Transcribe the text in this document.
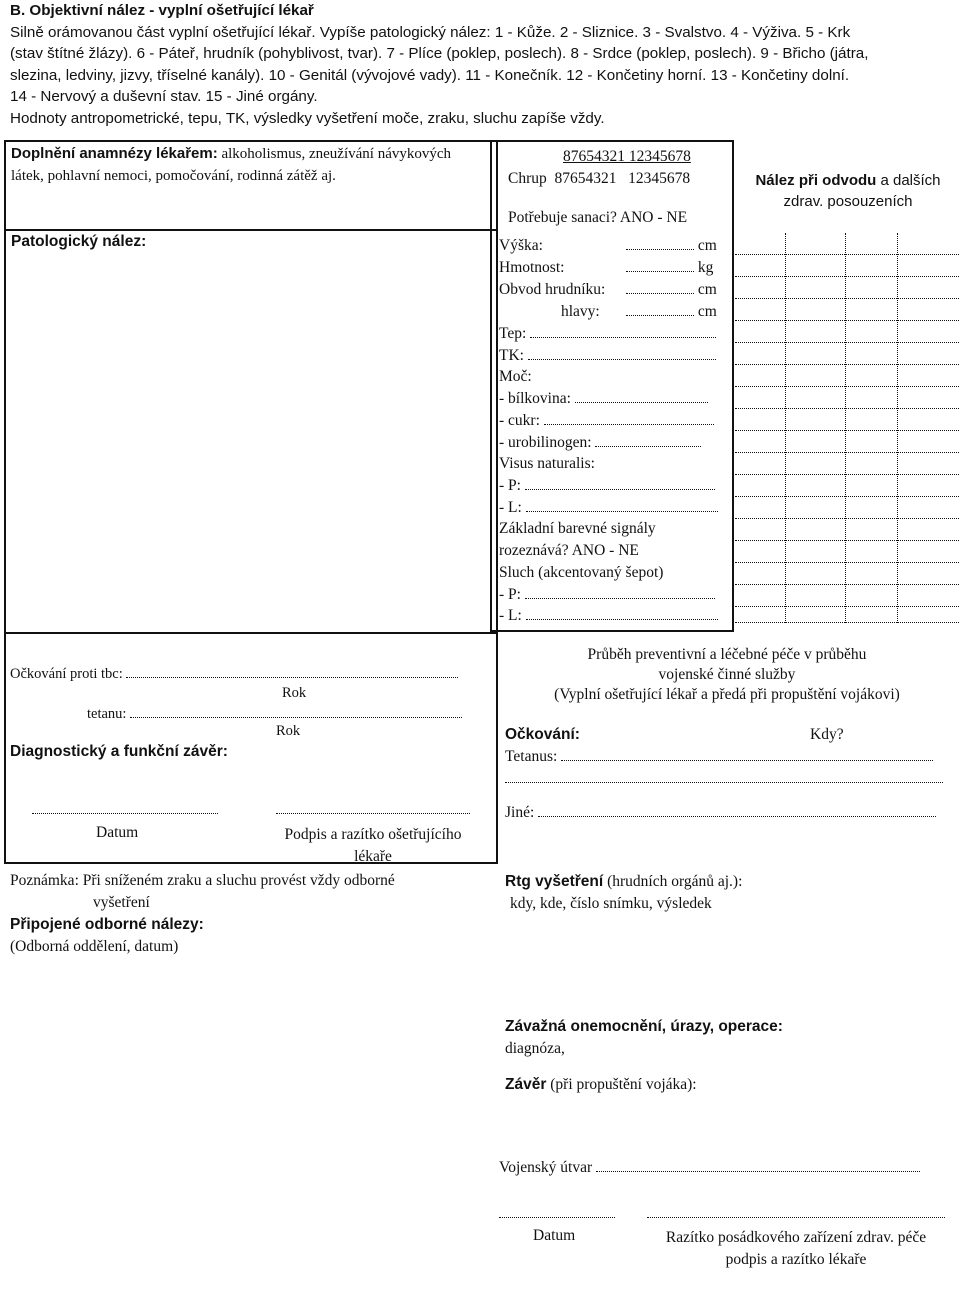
B. Objektivní nález - vyplní ošetřující lékař
Silně orámovanou část vyplní ošetřující lékař. Vypíše patologický nález: 1 - Kůže. 2 - Sliznice. 3 - Svalstvo. 4 - Výživa. 5 - Krk
(stav štítné žlázy). 6 - Páteř, hrudník (pohyblivost, tvar). 7 - Plíce (poklep, poslech). 8 - Srdce (poklep, poslech). 9 - Břicho (játra,
slezina, ledviny, jizvy, tříselné kanály). 10 - Genitál (vývojové vady). 11 - Konečník. 12 - Končetiny horní. 13 - Končetiny dolní.
14 - Nervový a duševní stav. 15 - Jiné orgány.
Hodnoty antropometrické, tepu, TK, výsledky vyšetření moče, zraku, sluchu zapíše vždy.
Doplnění anamnézy lékařem: alkoholismus, zneužívání návykových
látek, pohlavní nemoci, pomočování, rodinná zátěž aj.
Patologický nález:
87654321 12345678
Chrup 87654321 12345678
Potřebuje sanaci? ANO - NE
Výška:	cm
Hmotnost:	kg
Obvod hrudníku:	cm
hlavy:	cm
Tep:
TK:
Moč:
- bílkovina:
- cukr:
- urobilinogen:
Visus naturalis:
- P:
- L:
Základní barevné signály
rozeznává? ANO - NE
Sluch (akcentovaný šepot)
- P:
- L:
Nález při odvodu a dalších
zdrav. posouzeních
Očkování proti tbc:
Rok
tetanu:
Rok
Diagnostický a funkční závěr:
Datum	Podpis a razítko ošetřujícího
lékaře
Poznámka: Při sníženém zraku a sluchu provést vždy odborné
vyšetření
Připojené odborné nálezy:
(Odborná oddělení, datum)
Průběh preventivní a léčebné péče v průběhu
vojenské činné služby
(Vyplní ošetřující lékař a předá při propuštění vojákovi)
Očkování:	Kdy?
Tetanus:
Jiné:
Rtg vyšetření (hrudních orgánů aj.):
kdy, kde, číslo snímku, výsledek
Závažná onemocnění, úrazy, operace:
diagnóza,
Závěr (při propuštění vojáka):
Vojenský útvar
Datum	Razítko posádkového zařízení zdrav. péče
podpis a razítko lékaře
